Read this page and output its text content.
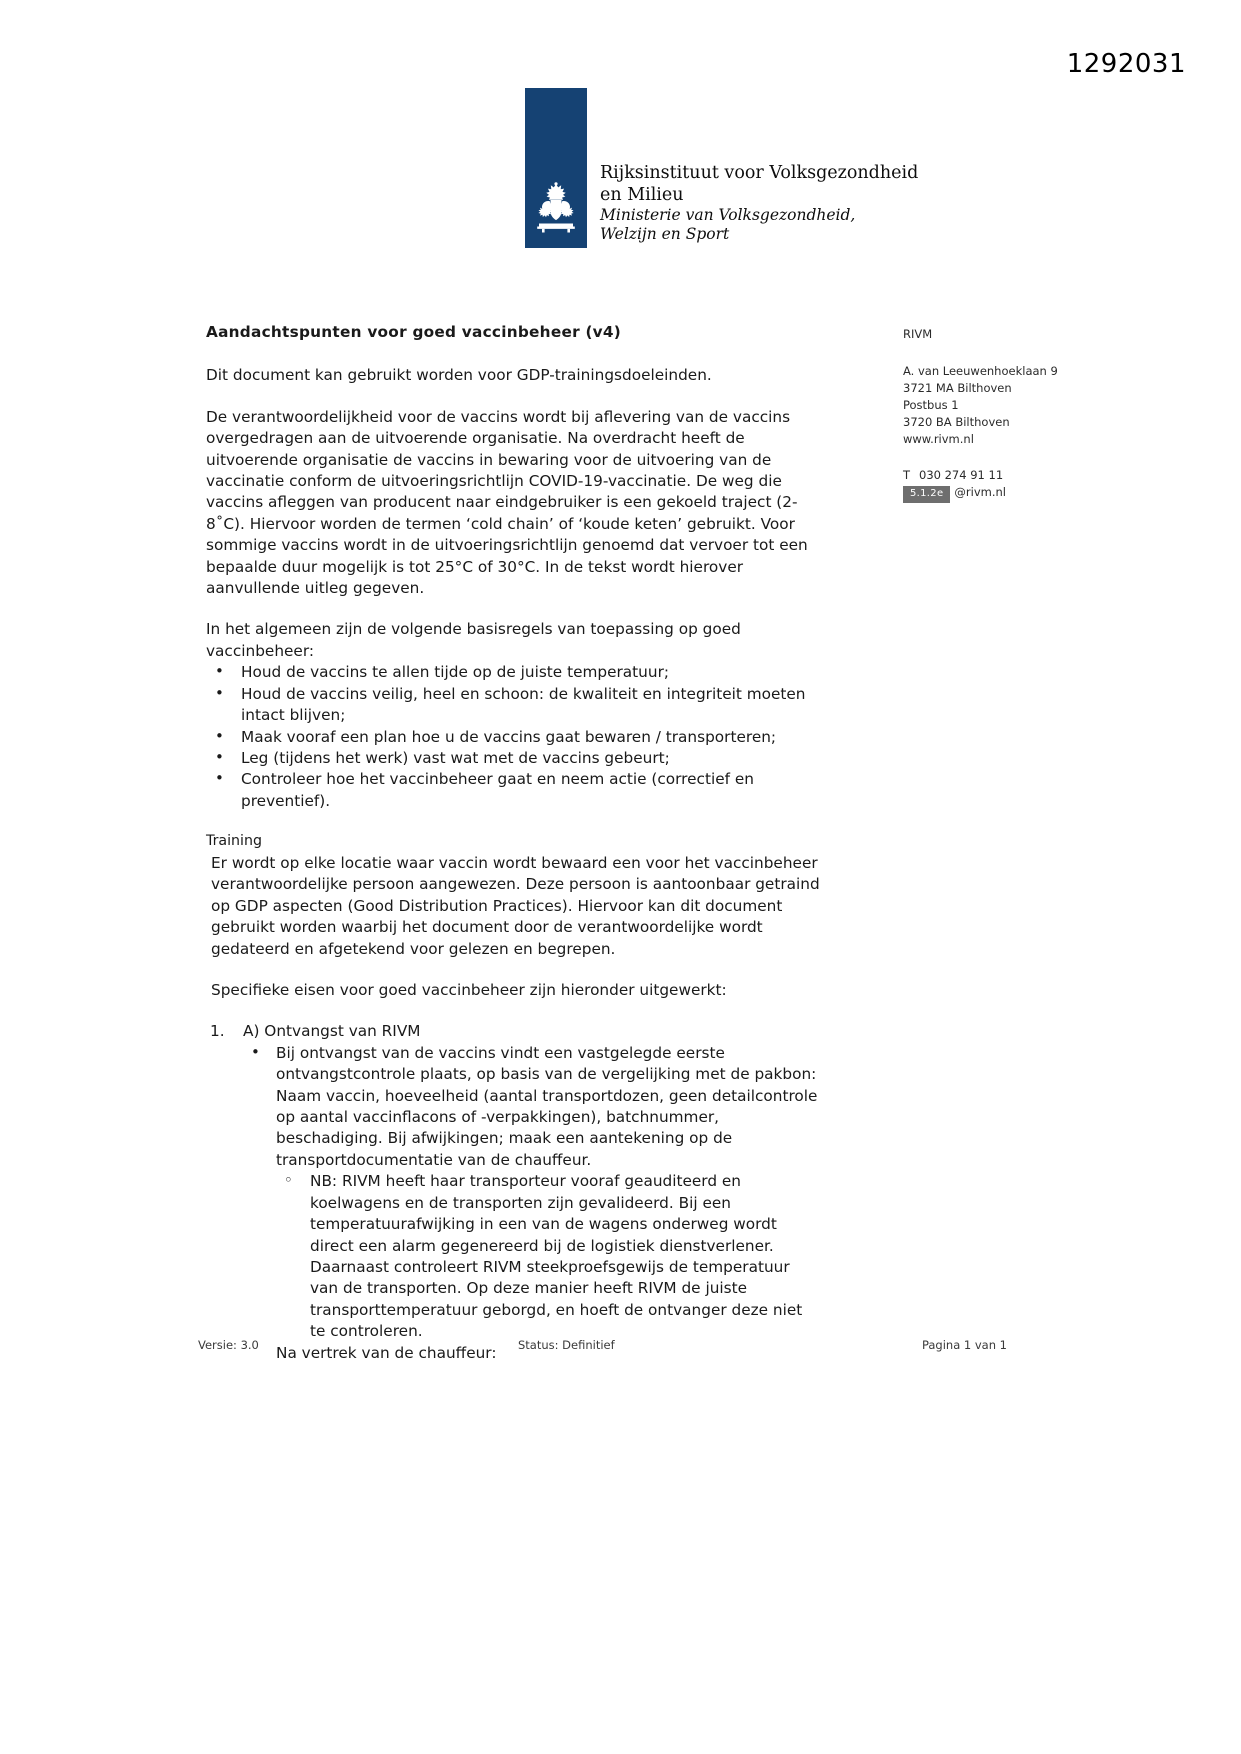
1292031
Rijksinstituut voor Volksgezondheid
en Milieu
Ministerie van Volksgezondheid,
Welzijn en Sport
RIVM
A. van Leeuwenhoeklaan 9
3721 MA Bilthoven
Postbus 1
3720 BA Bilthoven
www.rivm.nl
T 030 274 91 11
5.1.2e @rivm.nl
Aandachtspunten voor goed vaccinbeheer (v4)

Dit document kan gebruikt worden voor GDP-trainingsdoeleinden.

De verantwoordelijkheid voor de vaccins wordt bij aflevering van de vaccins overgedragen aan de uitvoerende organisatie. Na overdracht heeft de uitvoerende organisatie de vaccins in bewaring voor de uitvoering van de vaccinatie conform de uitvoeringsrichtlijn COVID-19-vaccinatie. De weg die vaccins afleggen van producent naar eindgebruiker is een gekoeld traject (2-8˚C). Hiervoor worden de termen ‘cold chain’ of ‘koude keten’ gebruikt. Voor sommige vaccins wordt in de uitvoeringsrichtlijn genoemd dat vervoer tot een bepaalde duur mogelijk is tot 25°C of 30°C. In de tekst wordt hierover aanvullende uitleg gegeven.

In het algemeen zijn de volgende basisregels van toepassing op goed vaccinbeheer:

• Houd de vaccins te allen tijde op de juiste temperatuur;
• Houd de vaccins veilig, heel en schoon: de kwaliteit en integriteit moeten intact blijven;
• Maak vooraf een plan hoe u de vaccins gaat bewaren / transporteren;
• Leg (tijdens het werk) vast wat met de vaccins gebeurt;
• Controleer hoe het vaccinbeheer gaat en neem actie (correctief en preventief).
Training

Er wordt op elke locatie waar vaccin wordt bewaard een voor het vaccinbeheer verantwoordelijke persoon aangewezen. Deze persoon is aantoonbaar getraind op GDP aspecten (Good Distribution Practices). Hiervoor kan dit document gebruikt worden waarbij het document door de verantwoordelijke wordt gedateerd en afgetekend voor gelezen en begrepen.

Specifieke eisen voor goed vaccinbeheer zijn hieronder uitgewerkt:

1. A) Ontvangst van RIVM
• Bij ontvangst van de vaccins vindt een vastgelegde eerste ontvangstcontrole plaats, op basis van de vergelijking met de pakbon: Naam vaccin, hoeveelheid (aantal transportdozen, geen detailcontrole op aantal vaccinflacons of -verpakkingen), batchnummer, beschadiging. Bij afwijkingen; maak een aantekening op de transportdocumentatie van de chauffeur.
◦ NB: RIVM heeft haar transporteur vooraf geauditeerd en koelwagens en de transporten zijn gevalideerd. Bij een temperatuurafwijking in een van de wagens onderweg wordt direct een alarm gegenereerd bij de logistiek dienstverlener. Daarnaast controleert RIVM steekproefsgewijs de temperatuur van de transporten. Op deze manier heeft RIVM de juiste transporttemperatuur geborgd, en hoeft de ontvanger deze niet te controleren.
Na vertrek van de chauffeur:
Versie: 3.0	Status: Definitief	Pagina 1 van 1
